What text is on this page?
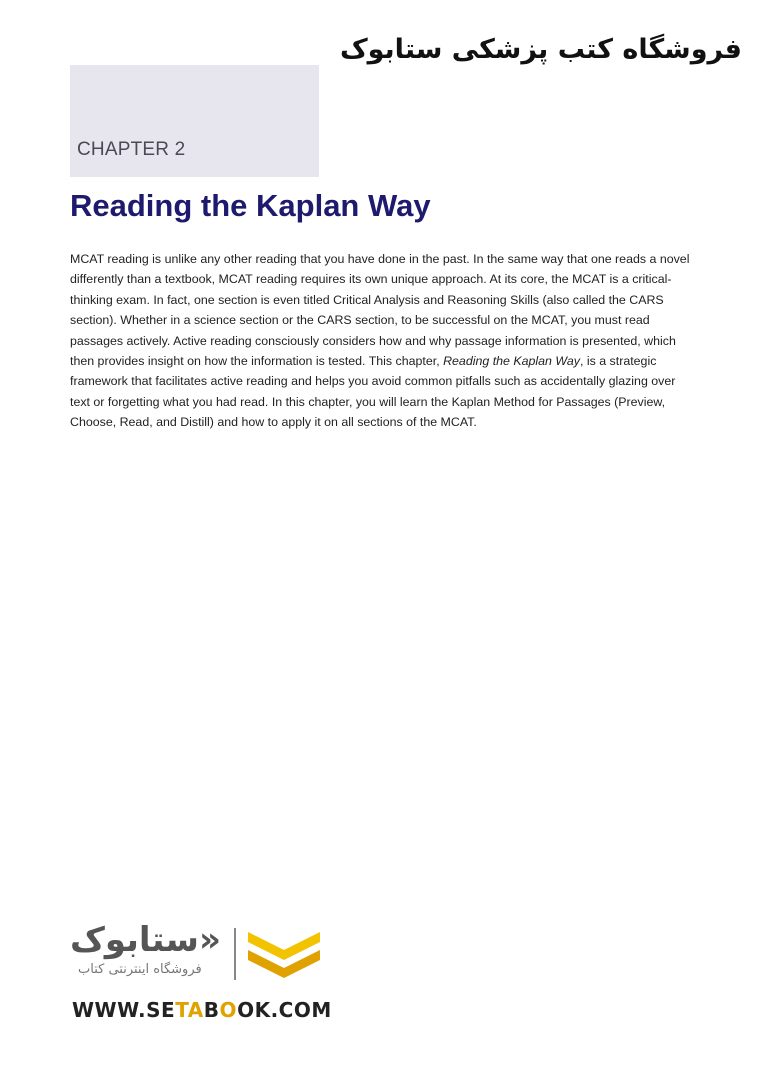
فروشگاه کتب پزشکی ستابوک
CHAPTER 2
Reading the Kaplan Way

MCAT reading is unlike any other reading that you have done in the past. In the same way that one reads a novel differently than a textbook, MCAT reading requires its own unique approach. At its core, the MCAT is a critical-thinking exam. In fact, one section is even titled Critical Analysis and Reasoning Skills (also called the CARS section). Whether in a science section or the CARS section, to be successful on the MCAT, you must read passages actively. Active reading consciously considers how and why passage information is presented, which then provides insight on how the information is tested. This chapter, Reading the Kaplan Way, is a strategic framework that facilitates active reading and helps you avoid common pitfalls such as accidentally glazing over text or forgetting what you had read. In this chapter, you will learn the Kaplan Method for Passages (Preview, Choose, Read, and Distill) and how to apply it on all sections of the MCAT.

«ستابوک
فروشگاه اینترنتی کتاب
WWW.SETABOOK.COM
